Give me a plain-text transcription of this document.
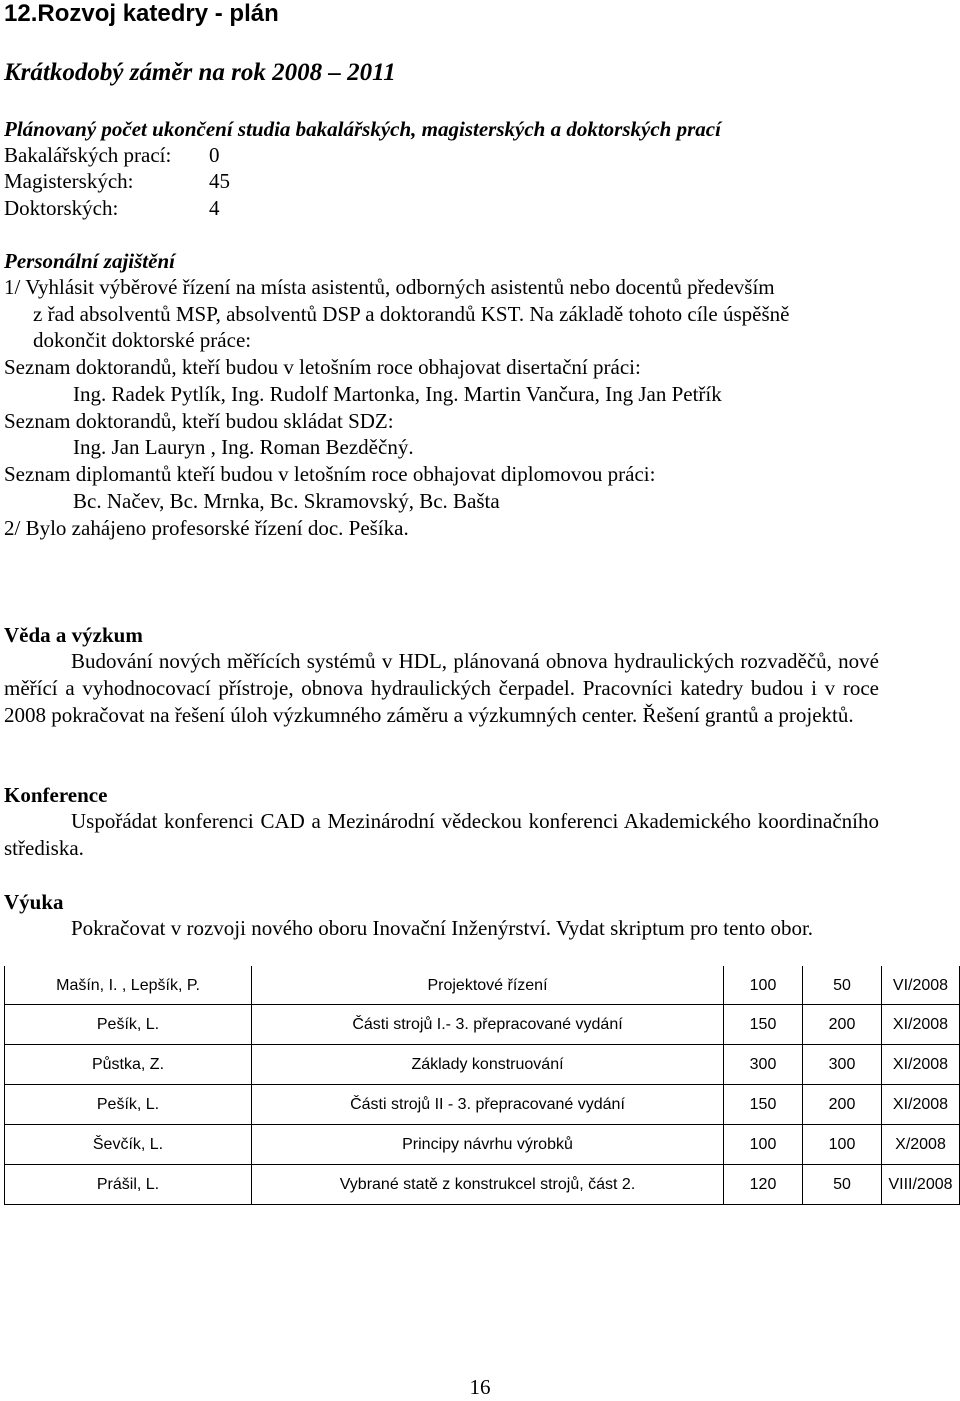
12.Rozvoj katedry - plán
Krátkodobý záměr na rok 2008 – 2011
Plánovaný počet ukončení studia bakalářských, magisterských a doktorských prací
Bakalářských prací: 0
Magisterských:	45
Doktorských:	4
Personální zajištění
1/ Vyhlásit výběrové řízení na místa asistentů, odborných asistentů nebo docentů především
z řad absolventů MSP, absolventů DSP a doktorandů KST. Na základě tohoto cíle úspěšně
dokončit doktorské práce:
Seznam doktorandů, kteří budou v letošním roce obhajovat disertační práci:
Ing. Radek Pytlík, Ing. Rudolf Martonka, Ing. Martin Vančura, Ing Jan Petřík
Seznam doktorandů, kteří budou skládat SDZ:
Ing. Jan Lauryn , Ing. Roman Bezděčný.
Seznam diplomantů kteří budou v letošním roce obhajovat diplomovou práci:
Bc. Načev, Bc. Mrnka, Bc. Skramovský, Bc. Bašta
2/ Bylo zahájeno profesorské řízení doc. Pešíka.
Věda a výzkum
Budování nových měřících systémů v HDL, plánovaná obnova hydraulických rozvaděčů, nové měřící a vyhodnocovací přístroje, obnova hydraulických čerpadel. Pracovníci katedry budou i v roce 2008 pokračovat na řešení úloh výzkumného záměru a výzkumných center. Řešení grantů a projektů.
Konference
Uspořádat konferenci CAD a Mezinárodní vědeckou konferenci Akademického koordinačního střediska.
Výuka
Pokračovat v rozvoji nového oboru Inovační Inženýrství. Vydat skriptum pro tento obor.
Mašín, I. , Lepšík, P.	Projektové řízení	100	50	VI/2008
Pešík, L.	Části strojů I.- 3. přepracované vydání	150	200	XI/2008
Půstka, Z.	Základy konstruování	300	300	XI/2008
Pešík, L.	Části strojů II - 3. přepracované vydání	150	200	XI/2008
Ševčík, L.	Principy návrhu výrobků	100	100	X/2008
Prášil, L.	Vybrané statě z konstrukcel strojů, část 2.	120	50	VIII/2008
16
